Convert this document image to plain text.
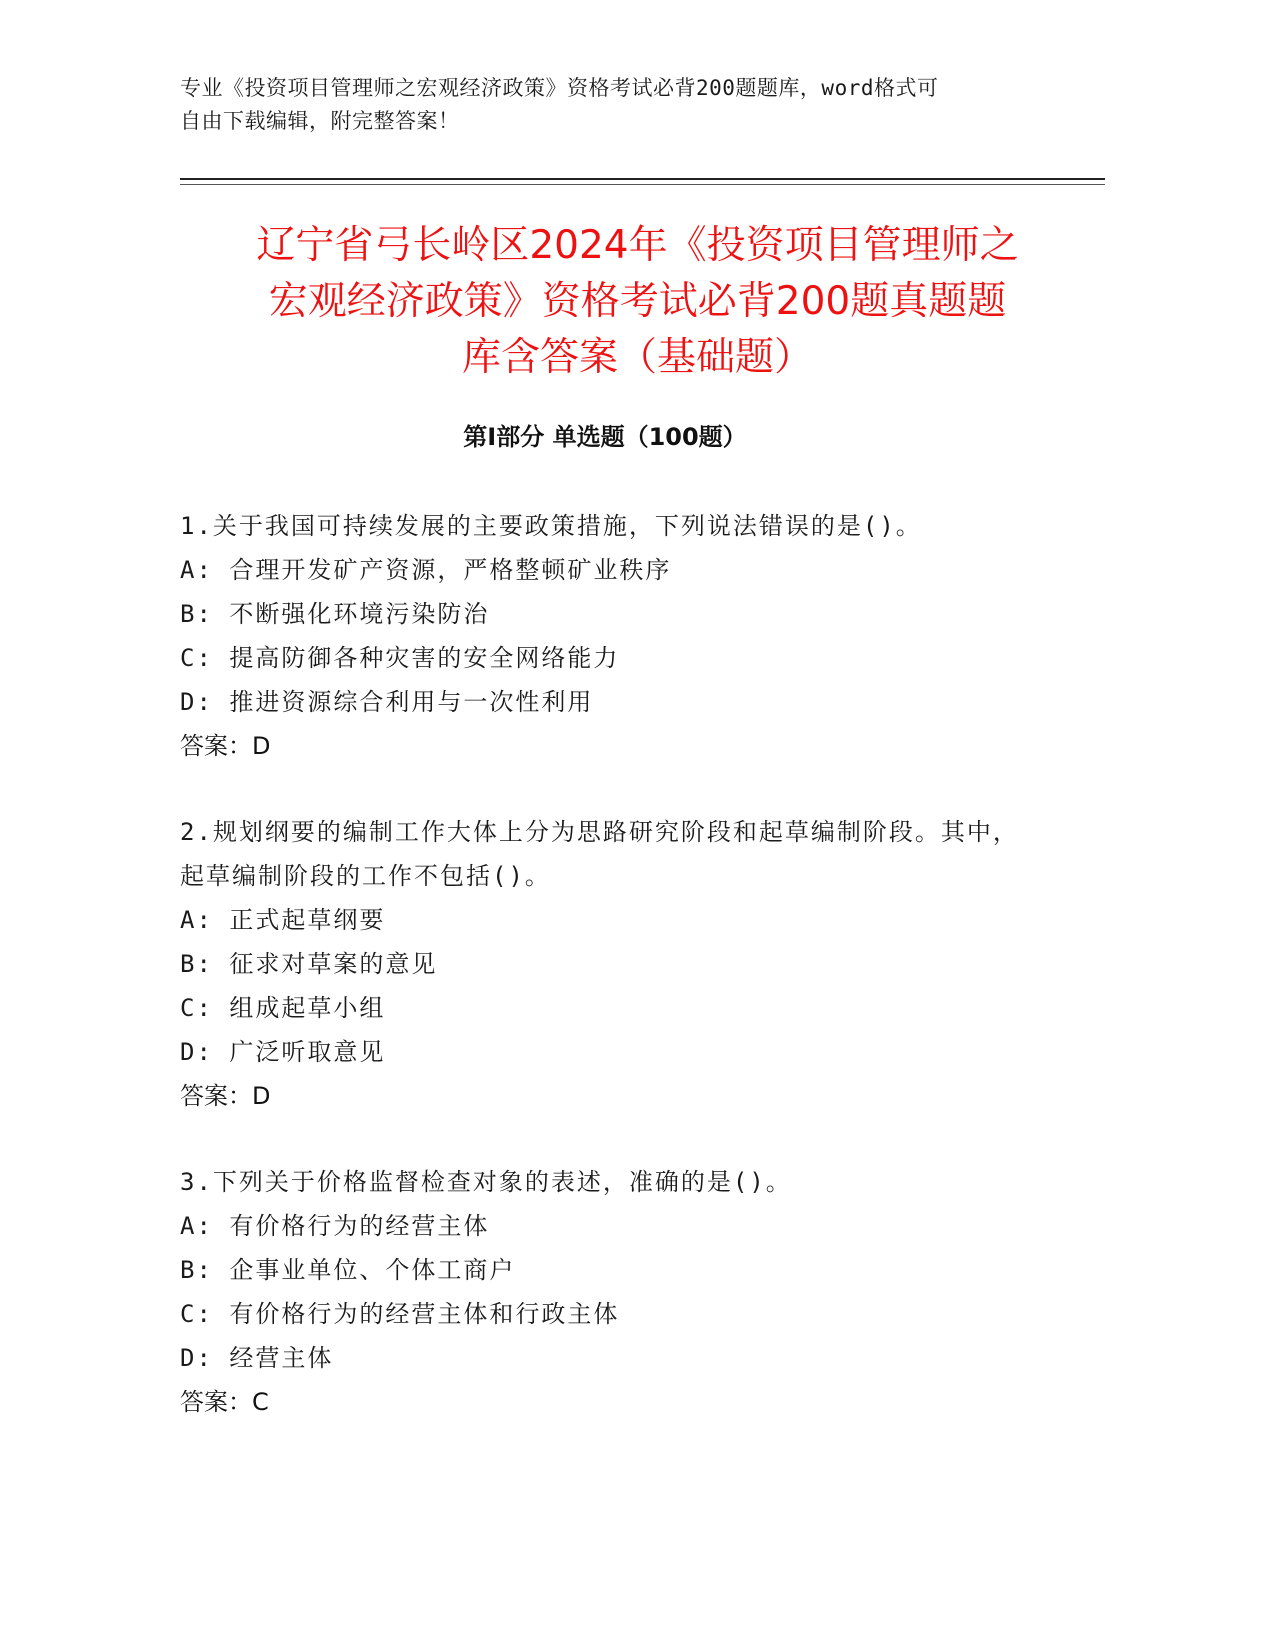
专业《投资项目管理师之宏观经济政策》资格考试必背200题题库，word格式可
自由下载编辑，附完整答案！
辽宁省弓长岭区2024年《投资项目管理师之
宏观经济政策》资格考试必背200题真题题
库含答案（基础题）
第Ⅰ部分 单选题（100题）
1.关于我国可持续发展的主要政策措施，下列说法错误的是()。
A: 合理开发矿产资源，严格整顿矿业秩序
B: 不断强化环境污染防治
C: 提高防御各种灾害的安全网络能力
D: 推进资源综合利用与一次性利用
答案：D
2.规划纲要的编制工作大体上分为思路研究阶段和起草编制阶段。其中，起草编制阶段的工作不包括()。
A: 正式起草纲要
B: 征求对草案的意见
C: 组成起草小组
D: 广泛听取意见
答案：D
3.下列关于价格监督检查对象的表述，准确的是()。
A: 有价格行为的经营主体
B: 企事业单位、个体工商户
C: 有价格行为的经营主体和行政主体
D: 经营主体
答案：C
